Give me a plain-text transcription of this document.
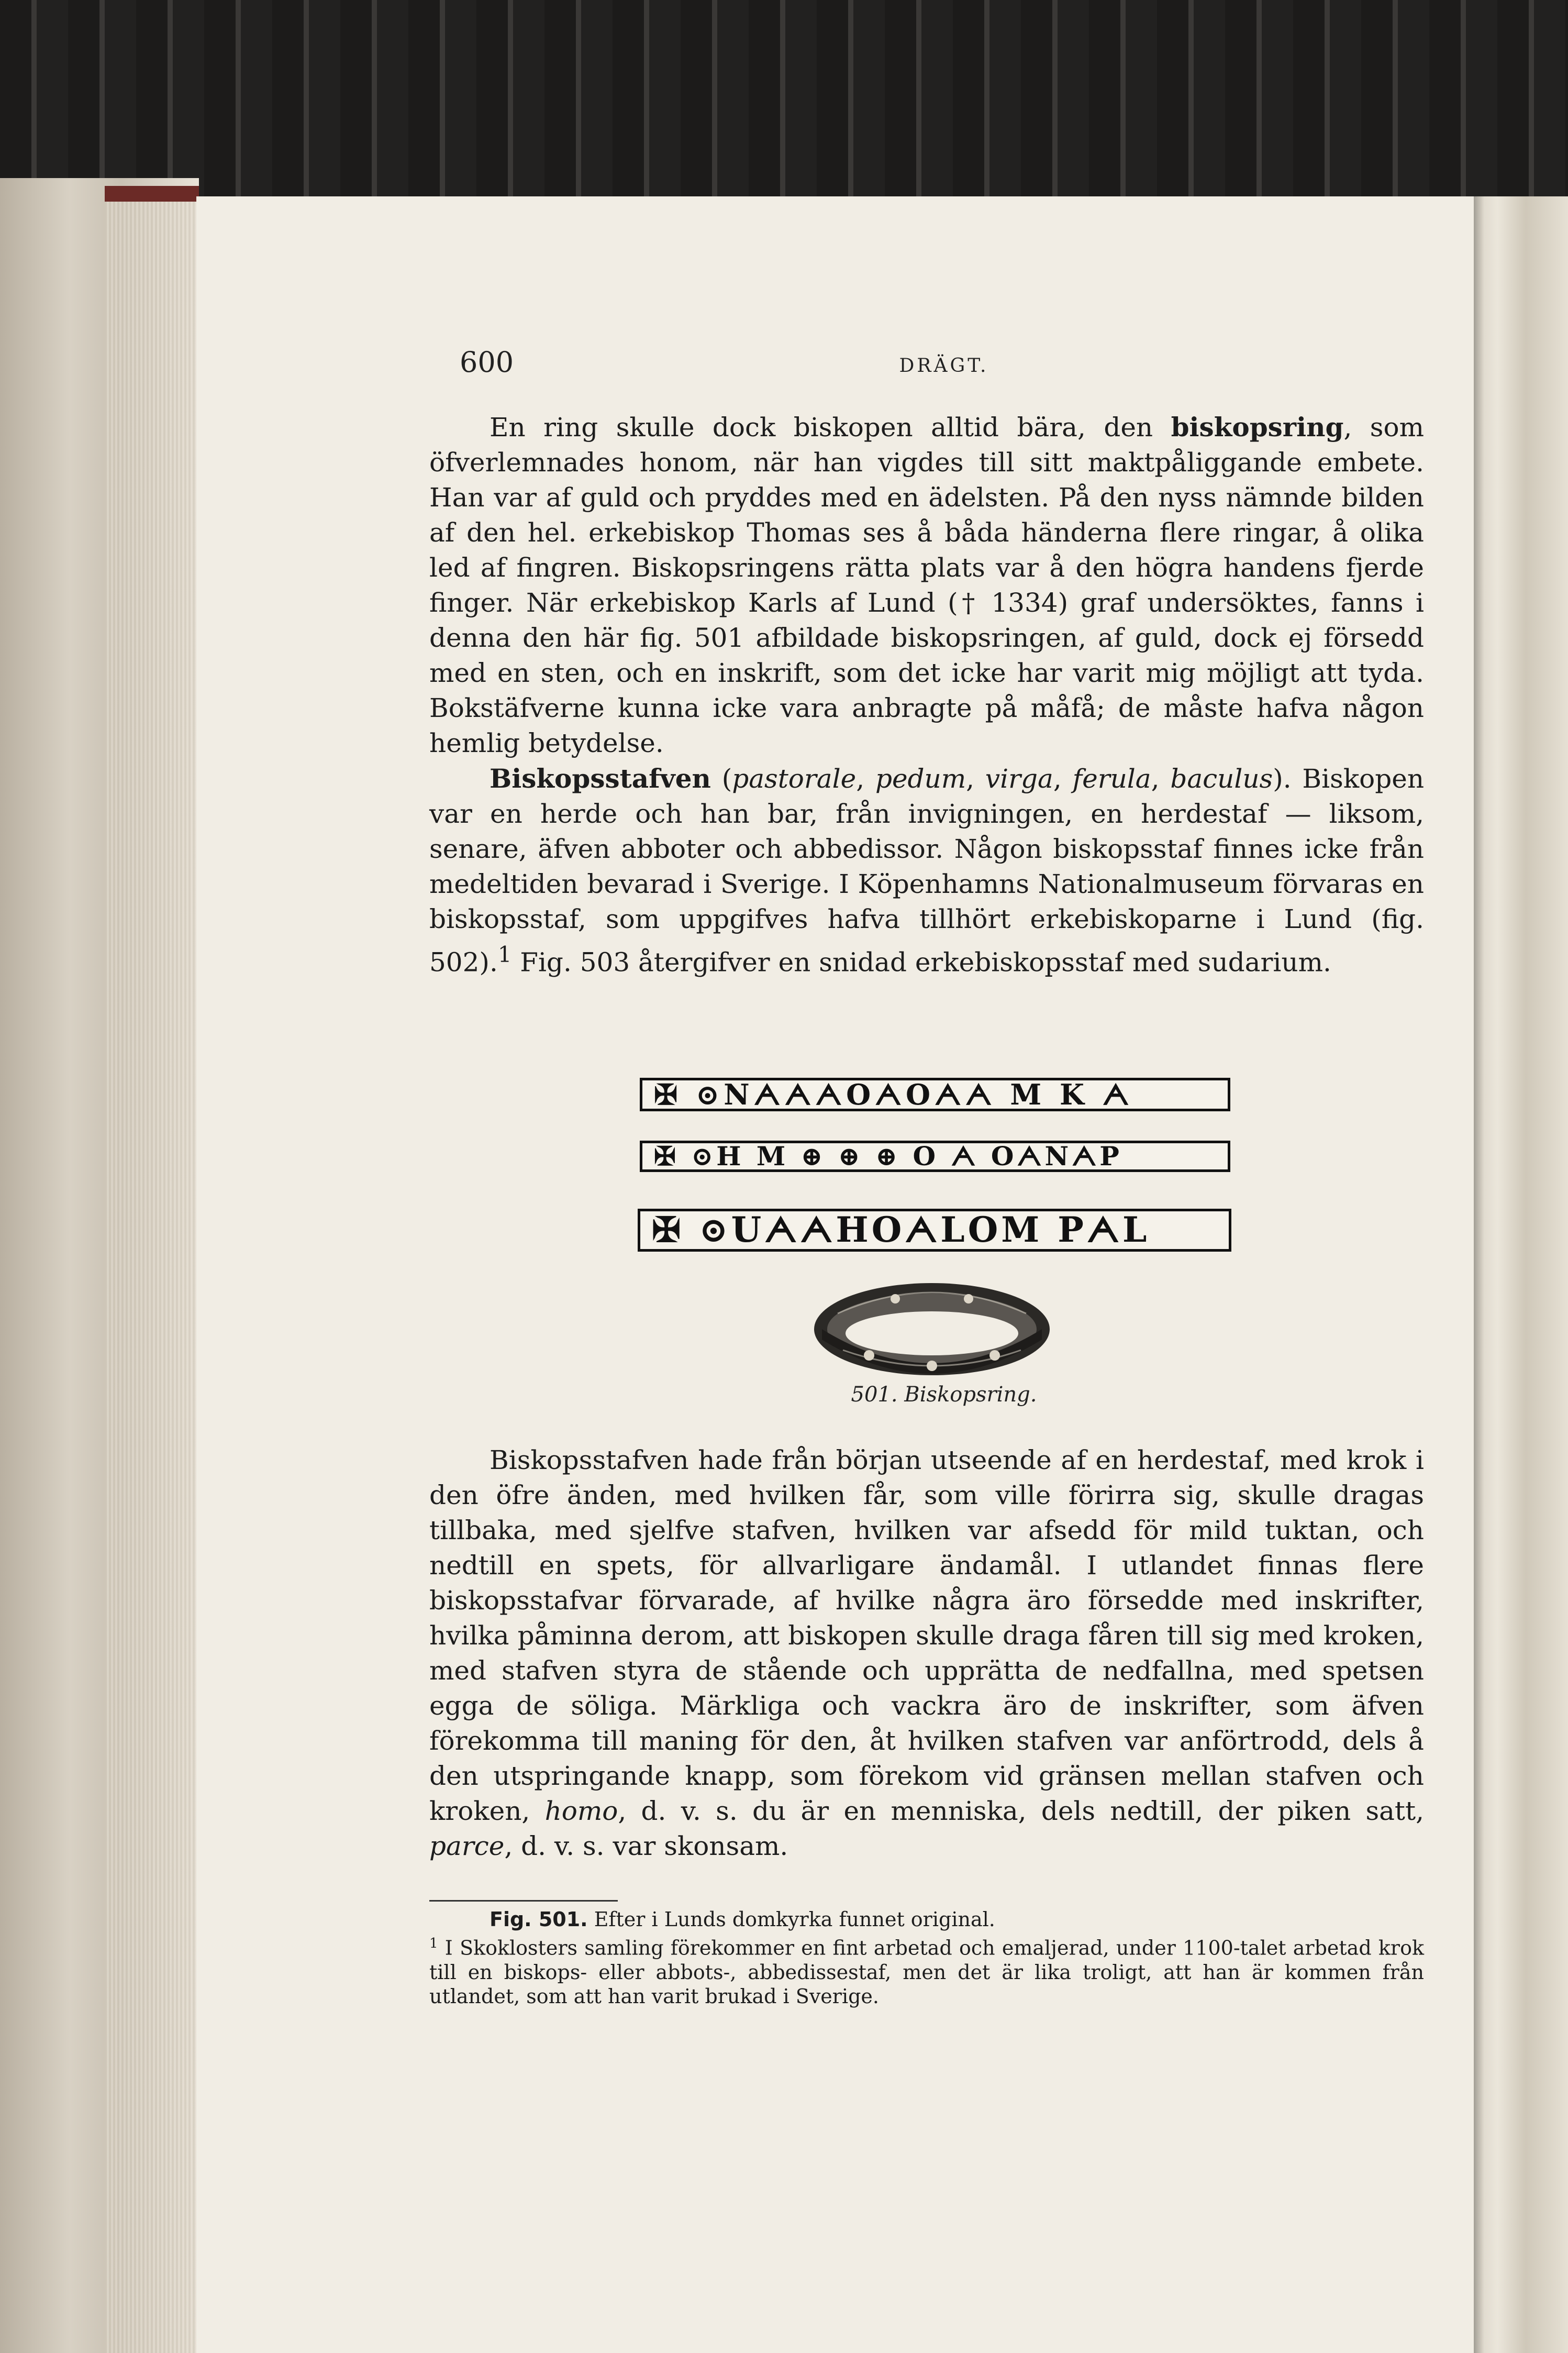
600	DRÄGT.

En ring skulle dock biskopen alltid bära, den biskopsring, som öfverlemnades honom, när han vigdes till sitt maktpåliggande embete. Han var af guld och pryddes med en ädelsten. På den nyss nämnde bilden af den hel. erkebiskop Thomas ses å båda händerna flere ringar, å olika led af fingren. Biskopsringens rätta plats var å den högra handens fjerde finger. När erkebiskop Karls af Lund († 1334) graf undersöktes, fanns i denna den här fig. 501 afbildade biskopsringen, af guld, dock ej försedd med en sten, och en inskrift, som det icke har varit mig möjligt att tyda. Bokstäfverne kunna icke vara anbragte på måfå; de måste hafva någon hemlig betydelse.

Biskopsstafven (pastorale, pedum, virga, ferula, baculus). Biskopen var en herde och han bar, från invigningen, en herdestaf — liksom, senare, äfven abboter och abbedissor. Någon biskopsstaf finnes icke från medeltiden bevarad i Sverige. I Köpenhamns Nationalmuseum förvaras en biskopsstaf, som uppgifves hafva tillhört erkebiskoparne i Lund (fig. 502).$^1$ Fig. 503 återgifver en snidad erkebiskopsstaf med sudarium.

✠ ⊙NᗅᗅᗅOᗅOᗅᗅ M K ᗅ
✠ ⊙H M ⊕ ⊕ ⊕ O ᗅ OᗅNᗅP
✠ ⊙UᗅᗅHOᗅLOM PᗅL
501. Biskopsring.

Biskopsstafven hade från början utseende af en herdestaf, med krok i den öfre änden, med hvilken får, som ville förirra sig, skulle dragas tillbaka, med sjelfve stafven, hvilken var afsedd för mild tuktan, och nedtill en spets, för allvarligare ändamål. I utlandet finnas flere biskopsstafvar förvarade, af hvilke några äro försedde med inskrifter, hvilka påminna derom, att biskopen skulle draga fåren till sig med kroken, med stafven styra de stående och upprätta de nedfallna, med spetsen egga de söliga. Märkliga och vackra äro de inskrifter, som äfven förekomma till maning för den, åt hvilken stafven var anförtrodd, dels å den utspringande knapp, som förekom vid gränsen mellan stafven och kroken, homo, d. v. s. du är en menniska, dels nedtill, der piken satt, parce, d. v. s. var skonsam.

Fig. 501. Efter i Lunds domkyrka funnet original.

$^1$ I Skoklosters samling förekommer en fint arbetad och emaljerad, under 1100-talet arbetad krok till en biskops- eller abbots-, abbedissestaf, men det är lika troligt, att han är kommen från utlandet, som att han varit brukad i Sverige.
